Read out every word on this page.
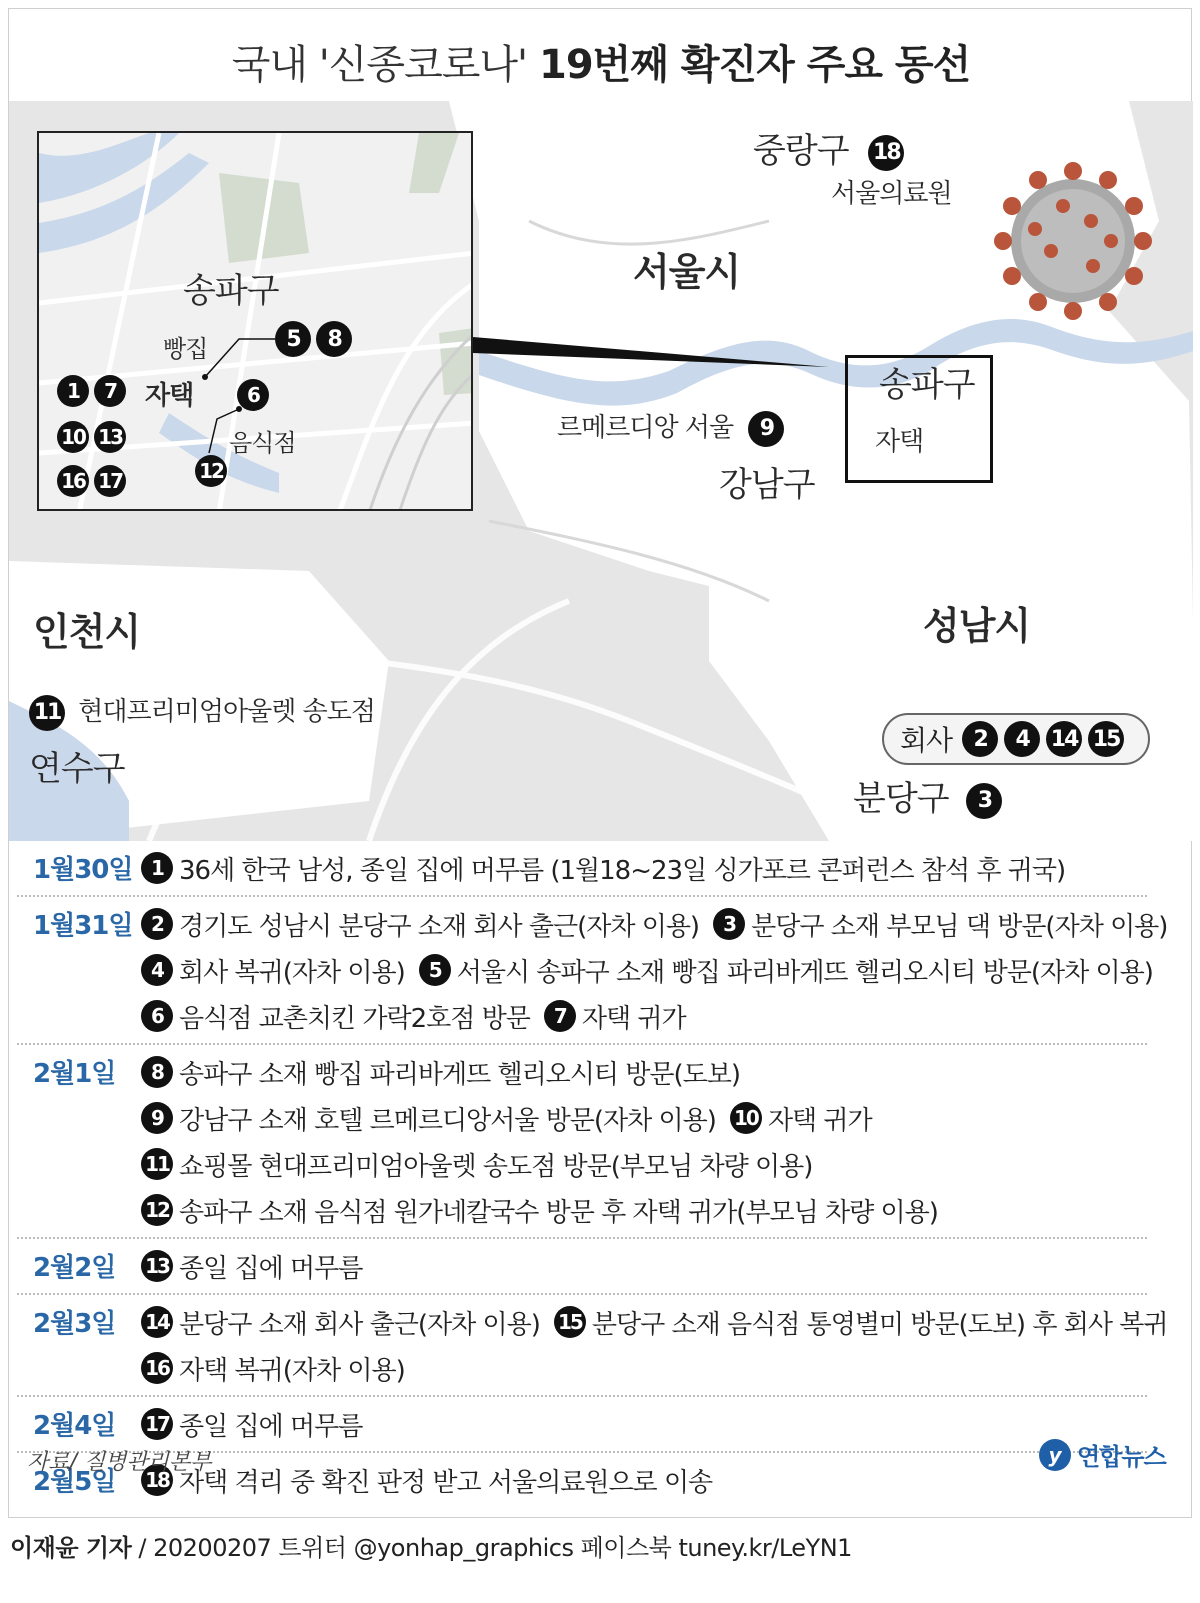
국내 '신종코로나' 19번째 확진자 주요 동선
중랑구 18
서울의료원
서울시
송파구
자택
르메르디앙 서울 9
강남구
인천시	성남시
11 현대프리미엄아울렛 송도점
연수구
회사 2	4	14 15
분당구 3
송파구
빵집	5 8
1 7	자택	6
음식점
10 13
16 17	12
1월30일 1 36세 한국 남성, 종일 집에 머무름 (1월18~23일 싱가포르 콘퍼런스 참석 후 귀국)
1월31일 2 경기도 성남시 분당구 소재 회사 출근(자차 이용)	3 분당구 소재 부모님 댁 방문(자차 이용)
4 회사 복귀(자차 이용)	5 서울시 송파구 소재 빵집 파리바게뜨 헬리오시티 방문(자차 이용)
6 음식점 교촌치킨 가락2호점 방문	7 자택 귀가
2월1일	8 송파구 소재 빵집 파리바게뜨 헬리오시티 방문(도보)
9 강남구 소재 호텔 르메르디앙서울 방문(자차 이용) 10 자택 귀가
11 쇼핑몰 현대프리미엄아울렛 송도점 방문(부모님 차량 이용)
12 송파구 소재 음식점 원가네칼국수 방문 후 자택 귀가(부모님 차량 이용)
2월2일 13 종일 집에 머무름
2월3일 14 분당구 소재 회사 출근(자차 이용) 15 분당구 소재 음식점 통영별미 방문(도보) 후 회사 복귀
16 자택 복귀(자차 이용)
2월4일 17 종일 집에 머무름
2월5일 18 자택 격리 중 확진 판정 받고 서울의료원으로 이송
자료/ 질병관리본부	y 연합뉴스
이재윤 기자 / 20200207 트위터 @yonhap_graphics 페이스북 tuney.kr/LeYN1
